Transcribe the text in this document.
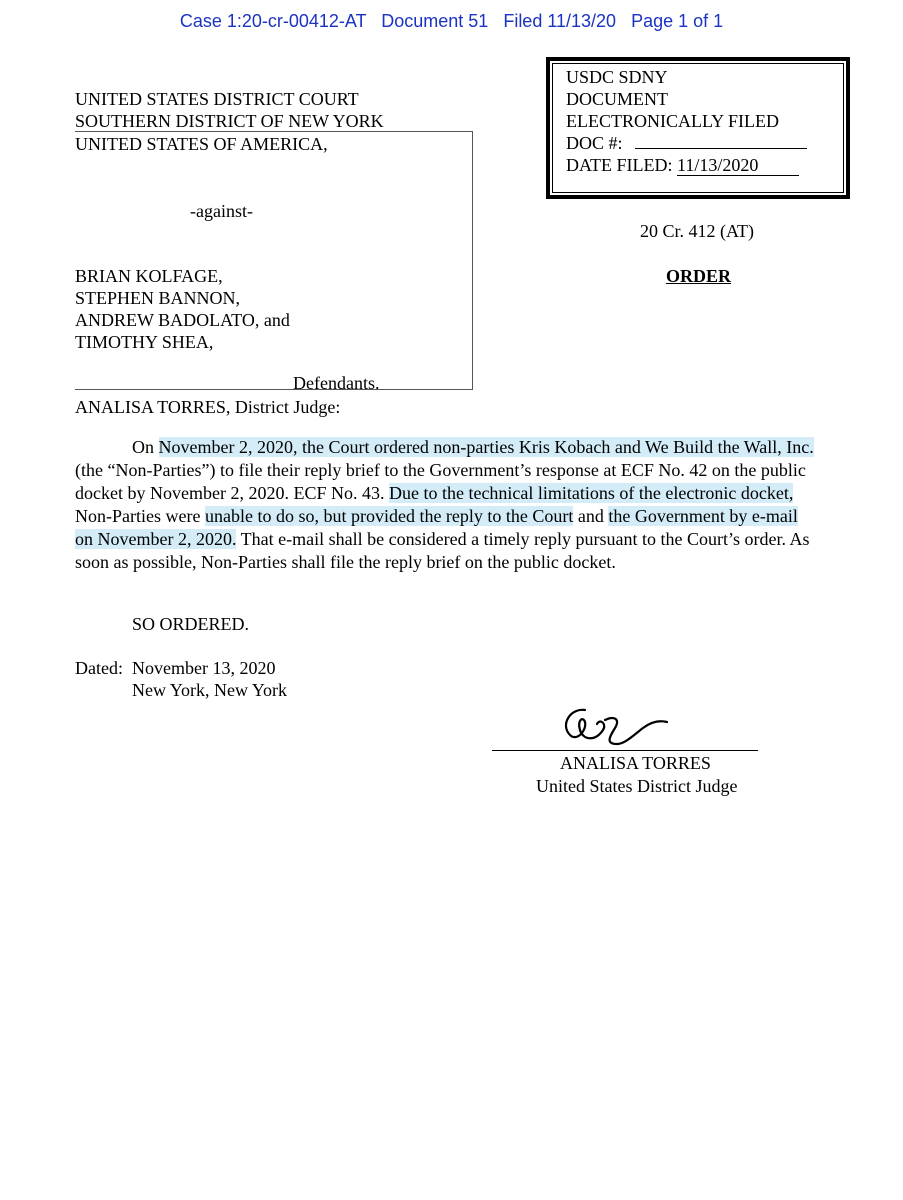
Case 1:20-cr-00412-AT   Document 51   Filed 11/13/20   Page 1 of 1
UNITED STATES DISTRICT COURT
SOUTHERN DISTRICT OF NEW YORK
USDC SDNY
DOCUMENT
ELECTRONICALLY FILED
DOC #:
DATE FILED: 11/13/2020
UNITED STATES OF AMERICA,
-against-
BRIAN KOLFAGE,
STEPHEN BANNON,
ANDREW BADOLATO, and
TIMOTHY SHEA,
Defendants.
ANALISA TORRES, District Judge:
20 Cr. 412 (AT)
ORDER
On November 2, 2020, the Court ordered non-parties Kris Kobach and We Build the Wall, Inc. (the “Non-Parties”) to file their reply brief to the Government’s response at ECF No. 42 on the public docket by November 2, 2020. ECF No. 43. Due to the technical limitations of the electronic docket, Non-Parties were unable to do so, but provided the reply to the Court and the Government by e-mail on November 2, 2020. That e-mail shall be considered a timely reply pursuant to the Court’s order. As soon as possible, Non-Parties shall file the reply brief on the public docket.
SO ORDERED.
Dated: November 13, 2020
New York, New York
ANALISA TORRES
United States District Judge
